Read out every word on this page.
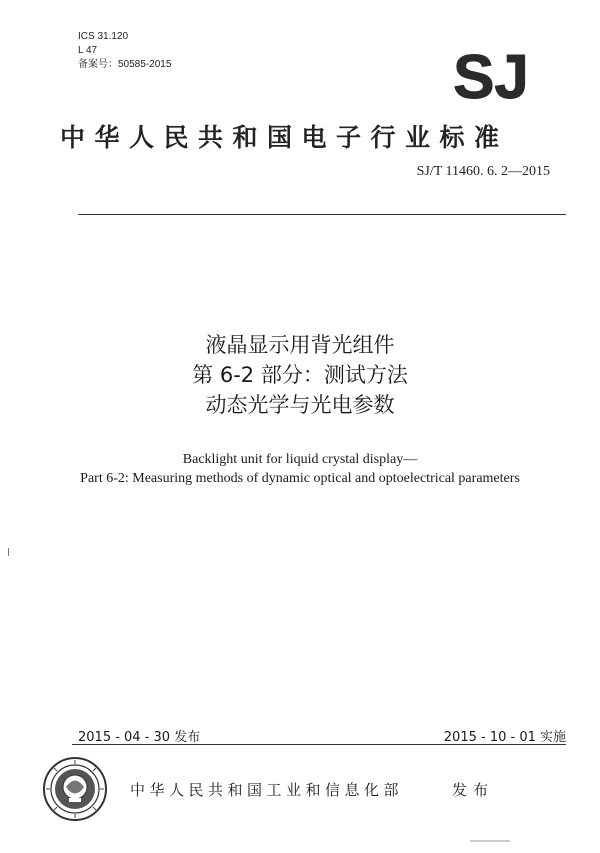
ICS 31.120
L 47
备案号：50585-2015	SJ
中华人民共和国电子行业标准
SJ/T 11460. 6. 2—2015
液晶显示用背光组件
第 6-2 部分：测试方法
动态光学与光电参数
Backlight unit for liquid crystal display—
Part 6-2: Measuring methods of dynamic optical and optoelectrical parameters
2015 - 04 - 30 发布	2015 - 10 - 01 实施
中华人民共和国工业和信息化部	发布
